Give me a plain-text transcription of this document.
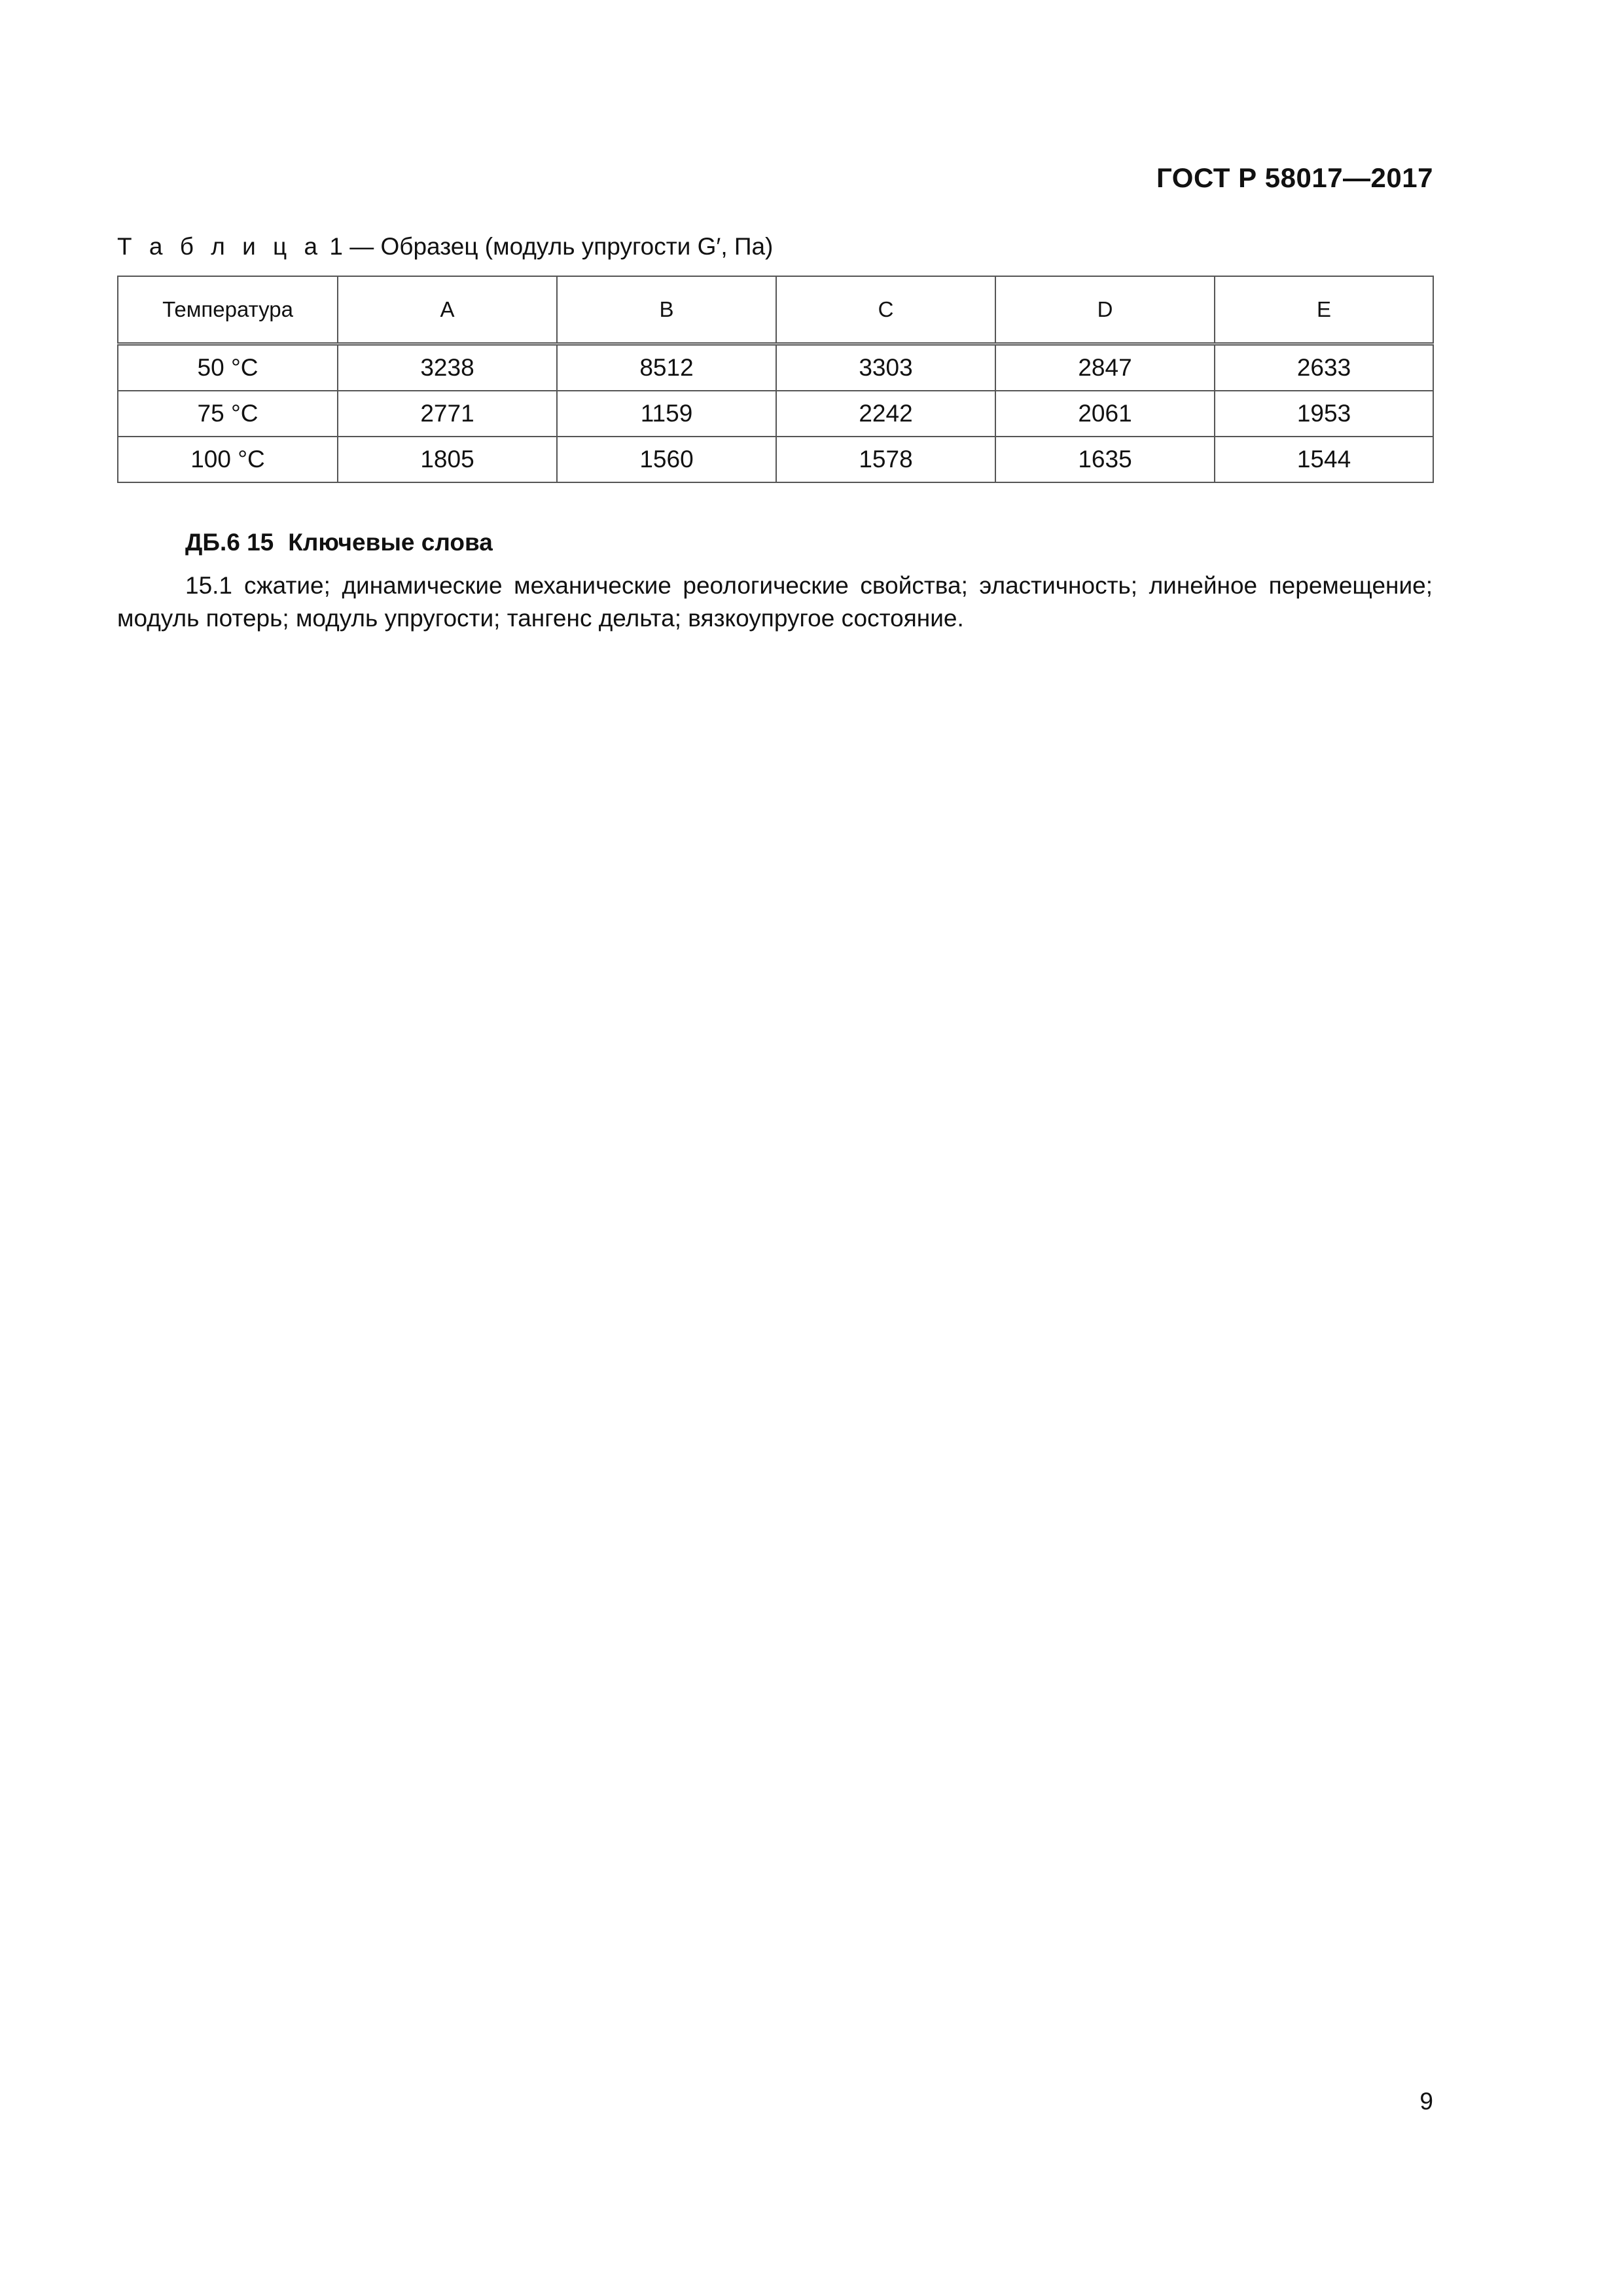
ГОСТ Р 58017—2017
Т а б л и ц а 1 — Образец (модуль упругости G′, Па)
Температура	A	B	C	D	E
50 °C	3238	8512	3303	2847	2633
75 °C	2771	1159	2242	2061	1953
100 °C	1805	1560	1578	1635	1544
ДБ.6 15 Ключевые слова
15.1 сжатие; динамические механические реологические свойства; эластичность; линейное перемещение; модуль потерь; модуль упругости; тангенс дельта; вязкоупругое состояние.
9
